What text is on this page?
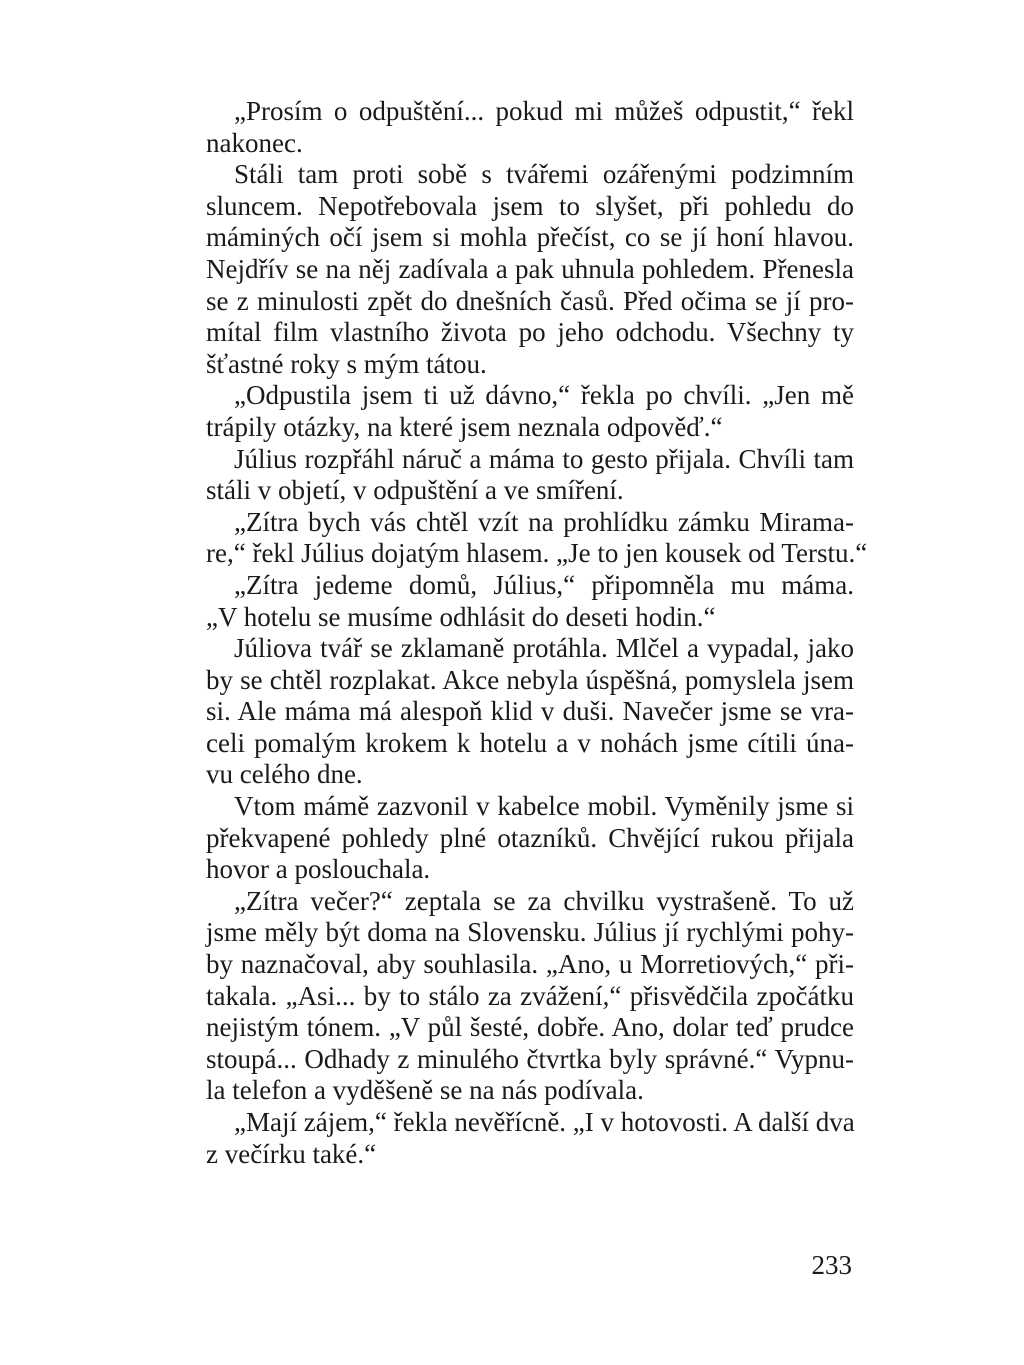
„Prosím o odpuštění... pokud mi můžeš odpustit,“ řekl
nakonec.
Stáli tam proti sobě s tvářemi ozářenými podzimním
sluncem. Nepotřebovala jsem to slyšet, při pohledu do
máminých očí jsem si mohla přečíst, co se jí honí hlavou.
Nejdřív se na něj zadívala a pak uhnula pohledem. Přenesla
se z minulosti zpět do dnešních časů. Před očima se jí pro-
mítal film vlastního života po jeho odchodu. Všechny ty
šťastné roky s mým tátou.
„Odpustila jsem ti už dávno,“ řekla po chvíli. „Jen mě
trápily otázky, na které jsem neznala odpověď.“
Július rozpřáhl náruč a máma to gesto přijala. Chvíli tam
stáli v objetí, v odpuštění a ve smíření.
„Zítra bych vás chtěl vzít na prohlídku zámku Mirama-
re,“ řekl Július dojatým hlasem. „Je to jen kousek od Terstu.“
„Zítra jedeme domů, Július,“ připomněla mu máma.
„V hotelu se musíme odhlásit do deseti hodin.“
Júliova tvář se zklamaně protáhla. Mlčel a vypadal, jako
by se chtěl rozplakat. Akce nebyla úspěšná, pomyslela jsem
si. Ale máma má alespoň klid v duši. Navečer jsme se vra-
celi pomalým krokem k hotelu a v nohách jsme cítili úna-
vu celého dne.
Vtom mámě zazvonil v kabelce mobil. Vyměnily jsme si
překvapené pohledy plné otazníků. Chvějící rukou přijala
hovor a poslouchala.
„Zítra večer?“ zeptala se za chvilku vystrašeně. To už
jsme měly být doma na Slovensku. Július jí rychlými pohy-
by naznačoval, aby souhlasila. „Ano, u Morretiových,“ při-
takala. „Asi... by to stálo za zvážení,“ přisvědčila zpočátku
nejistým tónem. „V půl šesté, dobře. Ano, dolar teď prudce
stoupá... Odhady z minulého čtvrtka byly správné.“ Vypnu-
la telefon a vyděšeně se na nás podívala.
„Mají zájem,“ řekla nevěřícně. „I v hotovosti. A další dva
z večírku také.“
233
